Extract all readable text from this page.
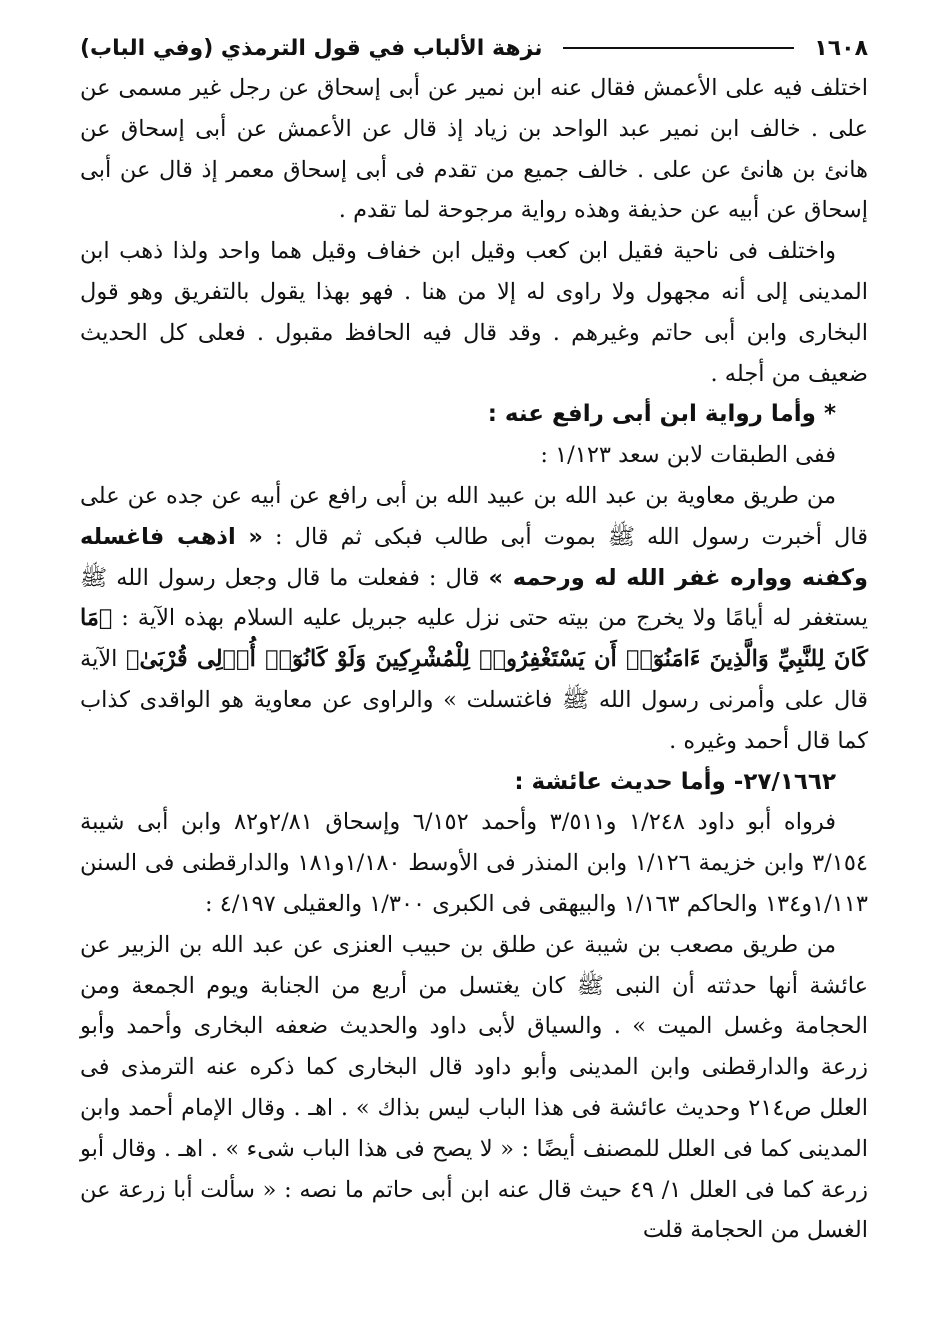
١٦٠٨
نزهة الألباب في قول الترمذي (وفي الباب)

اختلف فيه على الأعمش فقال عنه ابن نمير عن أبى إسحاق عن رجل غير مسمى عن على . خالف ابن نمير عبد الواحد بن زياد إذ قال عن الأعمش عن أبى إسحاق عن هانئ بن هانئ عن على . خالف جميع من تقدم فى أبى إسحاق معمر إذ قال عن أبى إسحاق عن أبيه عن حذيفة وهذه رواية مرجوحة لما تقدم .

واختلف فى ناحية فقيل ابن كعب وقيل ابن خفاف وقيل هما واحد ولذا ذهب ابن المدينى إلى أنه مجهول ولا راوى له إلا من هنا . فهو بهذا يقول بالتفريق وهو قول البخارى وابن أبى حاتم وغيرهم . وقد قال فيه الحافظ مقبول . فعلى كل الحديث ضعيف من أجله .

* وأما رواية ابن أبى رافع عنه :

ففى الطبقات لابن سعد ١/١٢٣ :

من طريق معاوية بن عبد الله بن عبيد الله بن أبى رافع عن أبيه عن جده عن على قال أخبرت رسول الله ﷺ بموت أبى طالب فبكى ثم قال : « اذهب فاغسله وكفنه وواره غفر الله له ورحمه » قال : ففعلت ما قال وجعل رسول الله ﷺ يستغفر له أيامًا ولا يخرج من بيته حتى نزل عليه جبريل عليه السلام بهذه الآية : ﴿مَا كَانَ لِلنَّبِيِّ وَالَّذِينَ ءَامَنُوٓا۟ أَن يَسْتَغْفِرُوا۟ لِلْمُشْرِكِينَ وَلَوْ كَانُوٓا۟ أُو۟لِى قُرْبَىٰ﴾ الآية قال على وأمرنى رسول الله ﷺ فاغتسلت » والراوى عن معاوية هو الواقدى كذاب كما قال أحمد وغيره .

٢٧/١٦٦٢- وأما حديث عائشة :

فرواه أبو داود ١/٢٤٨ و٣/٥١١ وأحمد ٦/١٥٢ وإسحاق ٢/٨١و٨٢ وابن أبى شيبة ٣/١٥٤ وابن خزيمة ١/١٢٦ وابن المنذر فى الأوسط ١/١٨٠و١٨١ والدارقطنى فى السنن ١/١١٣و١٣٤ والحاكم ١/١٦٣ والبيهقى فى الكبرى ١/٣٠٠ والعقيلى ٤/١٩٧ :

من طريق مصعب بن شيبة عن طلق بن حبيب العنزى عن عبد الله بن الزبير عن عائشة أنها حدثته أن النبى ﷺ كان يغتسل من أربع من الجنابة ويوم الجمعة ومن الحجامة وغسل الميت » . والسياق لأبى داود والحديث ضعفه البخارى وأحمد وأبو زرعة والدارقطنى وابن المدينى وأبو داود قال البخارى كما ذكره عنه الترمذى فى العلل ص٢١٤ وحديث عائشة فى هذا الباب ليس بذاك » . اهـ . وقال الإمام أحمد وابن المدينى كما فى العلل للمصنف أيضًا : « لا يصح فى هذا الباب شىء » . اهـ . وقال أبو زرعة كما فى العلل ١/ ٤٩ حيث قال عنه ابن أبى حاتم ما نصه : « سألت أبا زرعة عن الغسل من الحجامة قلت
